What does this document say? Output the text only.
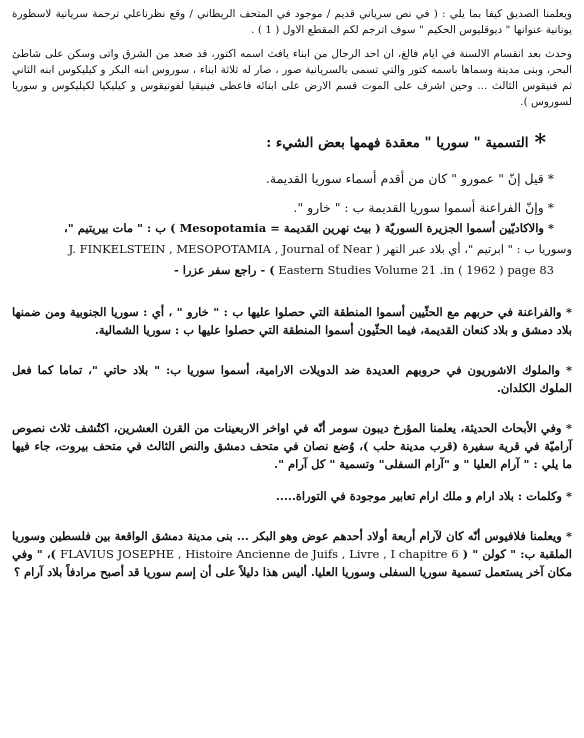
ويعلمنا الصديق كيفا بما يلي : ( في نص سرياني قديم / موجود في المتحف الريطاني / وقع نظرناعلي ترجمة سريانية لاسطورة يونانية عنوانها " ديوقليوس الحكيم " سوف اترجم لكم المقطع الاول ( 1 ) .

وحدث بعد انقسام الالسنة في ايام فالغ، ان احد الرجال من ابناء يافث اسمه اكتور، قد صعد من الشرق واتى وسكن على شاطئ البحر، وبنى مدينة وسماها باسمه كتور والتي تسمى بالسريانية صور ، صار له ثلاثة ابناء ، سوروس ابنه البكر و كيليكوس ابنه الثاني ثم فنيقوس الثالث ... وحين اشرف على الموت قسم الارض على ابنائه فاعطى فينيقيا لفونيقوس و كيليكيا لكيليكوس و سوريا لسوروس ).

*
التسمية " سوريا " معقدة فهمها بعض الشيء :

* قيل إنّ " عمورو " كان من أقدم أسماء سوريا القديمة.

* وإنّ الفراعنة أسموا سوريا القديمة ب : " خارو ".

* والاكاديّين أسموا الجزيرة السوريّة ( بيث نهرين القديمة = Mesopotamia ) ب : " مات بيريتيم "،

وسوريا ب : " ابرتيم "، أي بلاد عبر النهر ( J. FINKELSTEIN , MESOPOTAMIA , Journal of Near

Eastern Studies Volume 21 .in ( 1962 ) page 83 ) - راجع سفر عزرا -

* والفراعنة في حربهم مع الحثّيين أسموا المنطقة التي حصلوا عليها ب : " خارو " ، أي : سوريا الجنوبية ومن ضمنها بلاد دمشق و بلاد كنعان القديمة، فيما الحثّيون أسموا المنطقة التي حصلوا عليها ب : سوريا الشمالية.

* والملوك الاشوريون في حروبهم العديدة ضد الدويلات الارامية، أسموا سوريا ب: " بلاد حاتي "، تماما كما فعل الملوك الكلدان.

* وفي الأبحاث الحديثة، يعلمنا المؤرخ ديبون سومر أنّه في اواخر الاربعينات من القرن العشرين، اكتُشف ثلاث نصوص آراميّة في قرية سفيرة (قرب مدينة حلب )، وُضع نصان في متحف دمشق والنص الثالث في متحف بيروت، جاء فيها ما يلي : " آرام العليا " و "آرام السفلى" وتسمية " كل آرام ".

* وكلمات : بلاد ارام و ملك ارام تعابير موجودة في التوراة.....

* ويعلمنا فلافيوس أنّه كان لآرام أربعة أولاد أحدهم عوض وهو البكر ... بنى مدينة دمشق الواقعة بين فلسطين وسوريا الملقبة ب: " كولن " ( FLAVIUS JOSEPHE , Histoire Ancienne de Juifs , Livre , I chapitre 6 )، " وفي مكان آخر يستعمل تسمية سوريا السفلى وسوريا العليا. أليس هذا دليلاً على أن إسم سوريا قد أصبح مرادفاً بلاد آرام ؟
